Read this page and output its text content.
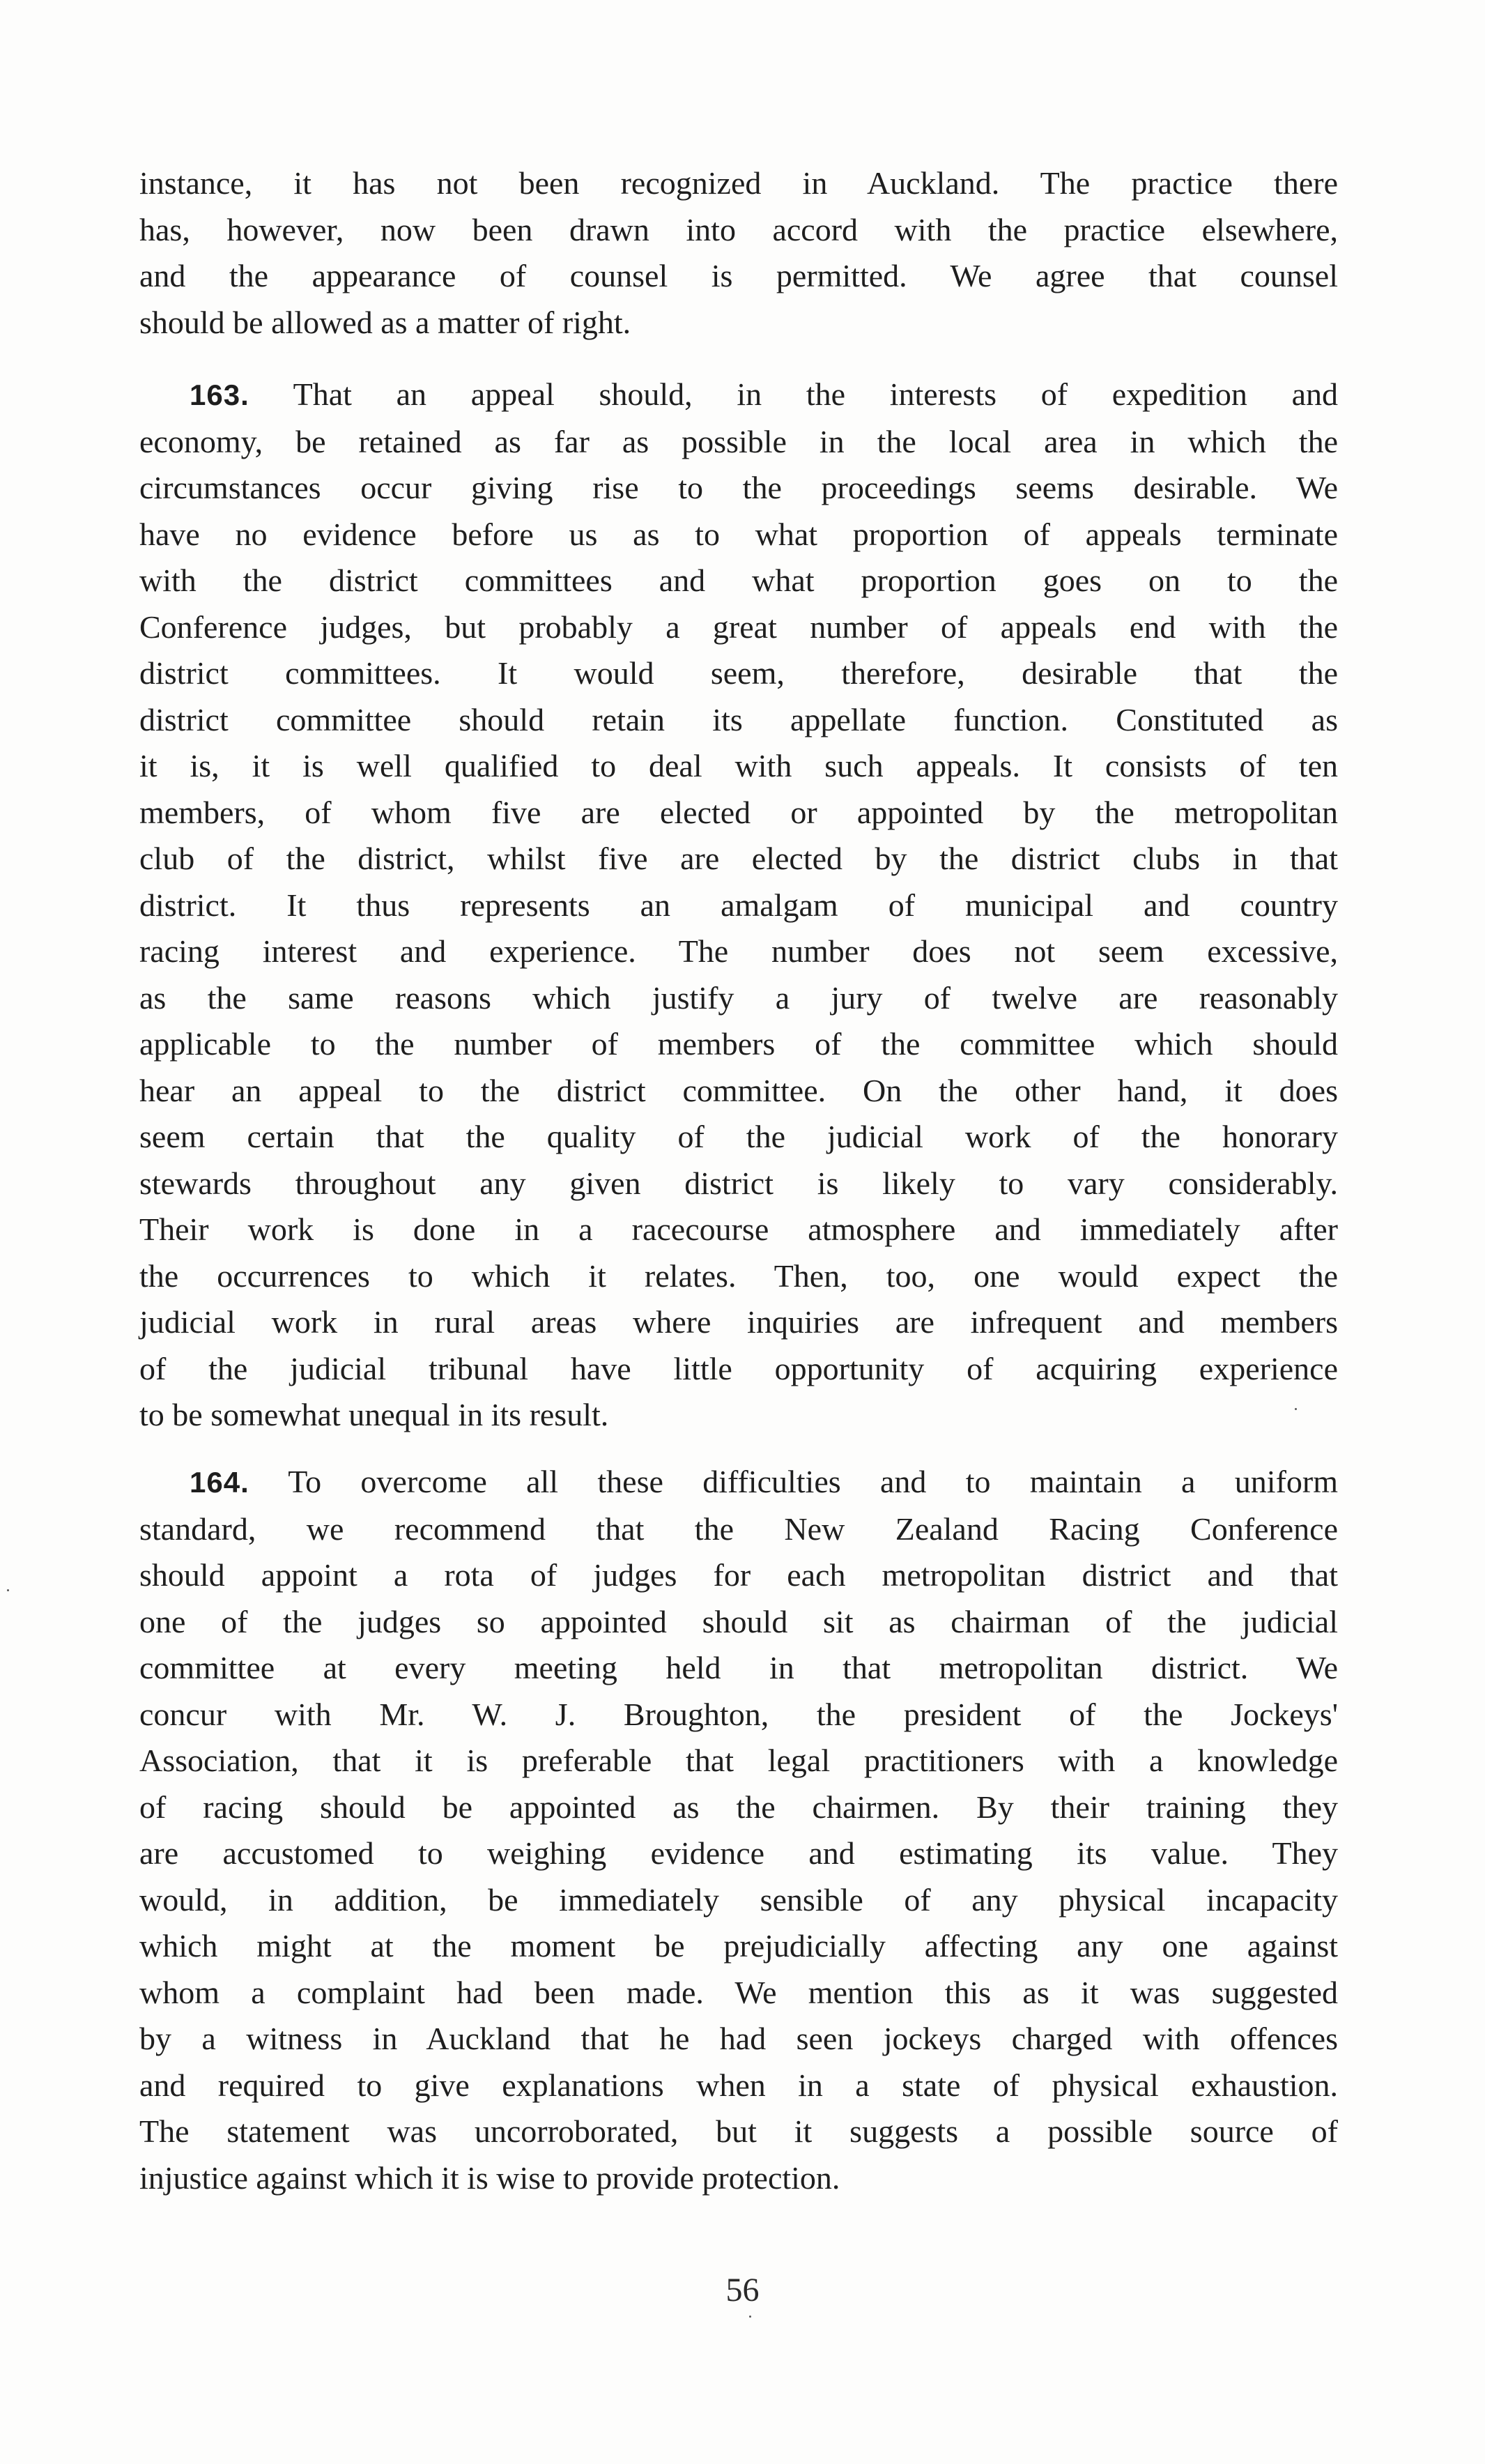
instance, it has not been recognized in Auckland. The practice there

has, however, now been drawn into accord with the practice elsewhere,

and the appearance of counsel is permitted. We agree that counsel

should be allowed as a matter of right.

163. That an appeal should, in the interests of expedition and

economy, be retained as far as possible in the local area in which the

circumstances occur giving rise to the proceedings seems desirable. We

have no evidence before us as to what proportion of appeals terminate

with the district committees and what proportion goes on to the

Conference judges, but probably a great number of appeals end with the

district committees. It would seem, therefore, desirable that the

district committee should retain its appellate function. Constituted as

it is, it is well qualified to deal with such appeals. It consists of ten

members, of whom five are elected or appointed by the metropolitan

club of the district, whilst five are elected by the district clubs in that

district. It thus represents an amalgam of municipal and country

racing interest and experience. The number does not seem excessive,

as the same reasons which justify a jury of twelve are reasonably

applicable to the number of members of the committee which should

hear an appeal to the district committee. On the other hand, it does

seem certain that the quality of the judicial work of the honorary

stewards throughout any given district is likely to vary considerably.

Their work is done in a racecourse atmosphere and immediately after

the occurrences to which it relates. Then, too, one would expect the

judicial work in rural areas where inquiries are infrequent and members

of the judicial tribunal have little opportunity of acquiring experience

to be somewhat unequal in its result.

164. To overcome all these difficulties and to maintain a uniform

standard, we recommend that the New Zealand Racing Conference

should appoint a rota of judges for each metropolitan district and that

one of the judges so appointed should sit as chairman of the judicial

committee at every meeting held in that metropolitan district. We

concur with Mr. W. J. Broughton, the president of the Jockeys'

Association, that it is preferable that legal practitioners with a knowledge

of racing should be appointed as the chairmen. By their training they

are accustomed to weighing evidence and estimating its value. They

would, in addition, be immediately sensible of any physical incapacity

which might at the moment be prejudicially affecting any one against

whom a complaint had been made. We mention this as it was suggested

by a witness in Auckland that he had seen jockeys charged with offences

and required to give explanations when in a state of physical exhaustion.

The statement was uncorroborated, but it suggests a possible source of

injustice against which it is wise to provide protection.

56
